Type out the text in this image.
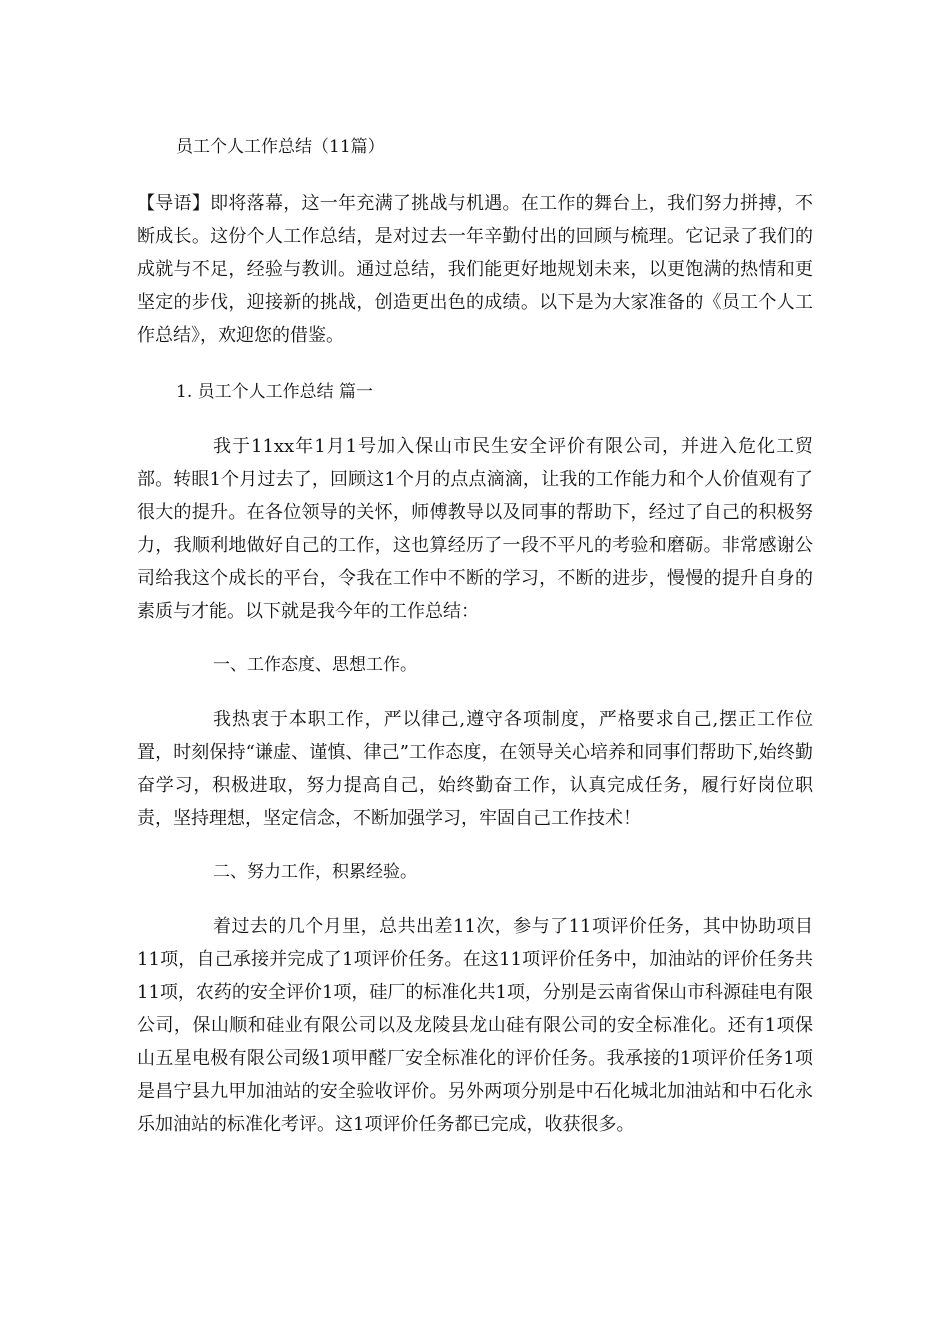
员工个人工作总结（11篇）

【导语】即将落幕，这一年充满了挑战与机遇。在工作的舞台上，我们努力拼搏，不断成长。这份个人工作总结，是对过去一年辛勤付出的回顾与梳理。它记录了我们的成就与不足，经验与教训。通过总结，我们能更好地规划未来，以更饱满的热情和更坚定的步伐，迎接新的挑战，创造更出色的成绩。以下是为大家准备的《员工个人工作总结》，欢迎您的借鉴。

1. 员工个人工作总结 篇一

我于11xx年1月1号加入保山市民生安全评价有限公司，并进入危化工贸部。转眼1个月过去了，回顾这1个月的点点滴滴，让我的工作能力和个人价值观有了很大的提升。在各位领导的关怀，师傅教导以及同事的帮助下，经过了自己的积极努力，我顺利地做好自己的工作，这也算经历了一段不平凡的考验和磨砺。非常感谢公司给我这个成长的平台，令我在工作中不断的学习，不断的进步，慢慢的提升自身的素质与才能。以下就是我今年的工作总结：

一、工作态度、思想工作。

我热衷于本职工作，严以律己,遵守各项制度，严格要求自己,摆正工作位置，时刻保持“谦虚、谨慎、律己”工作态度，在领导关心培养和同事们帮助下,始终勤奋学习，积极进取，努力提高自己，始终勤奋工作，认真完成任务，履行好岗位职责，坚持理想，坚定信念，不断加强学习，牢固自己工作技术！

二、努力工作，积累经验。

着过去的几个月里，总共出差11次，参与了11项评价任务，其中协助项目11项，自己承接并完成了1项评价任务。在这11项评价任务中，加油站的评价任务共11项，农药的安全评价1项，硅厂的标准化共1项，分别是云南省保山市科源硅电有限公司，保山顺和硅业有限公司以及龙陵县龙山硅有限公司的安全标准化。还有1项保山五星电极有限公司级1项甲醛厂安全标准化的评价任务。我承接的1项评价任务1项是昌宁县九甲加油站的安全验收评价。另外两项分别是中石化城北加油站和中石化永乐加油站的标准化考评。这1项评价任务都已完成，收获很多。
